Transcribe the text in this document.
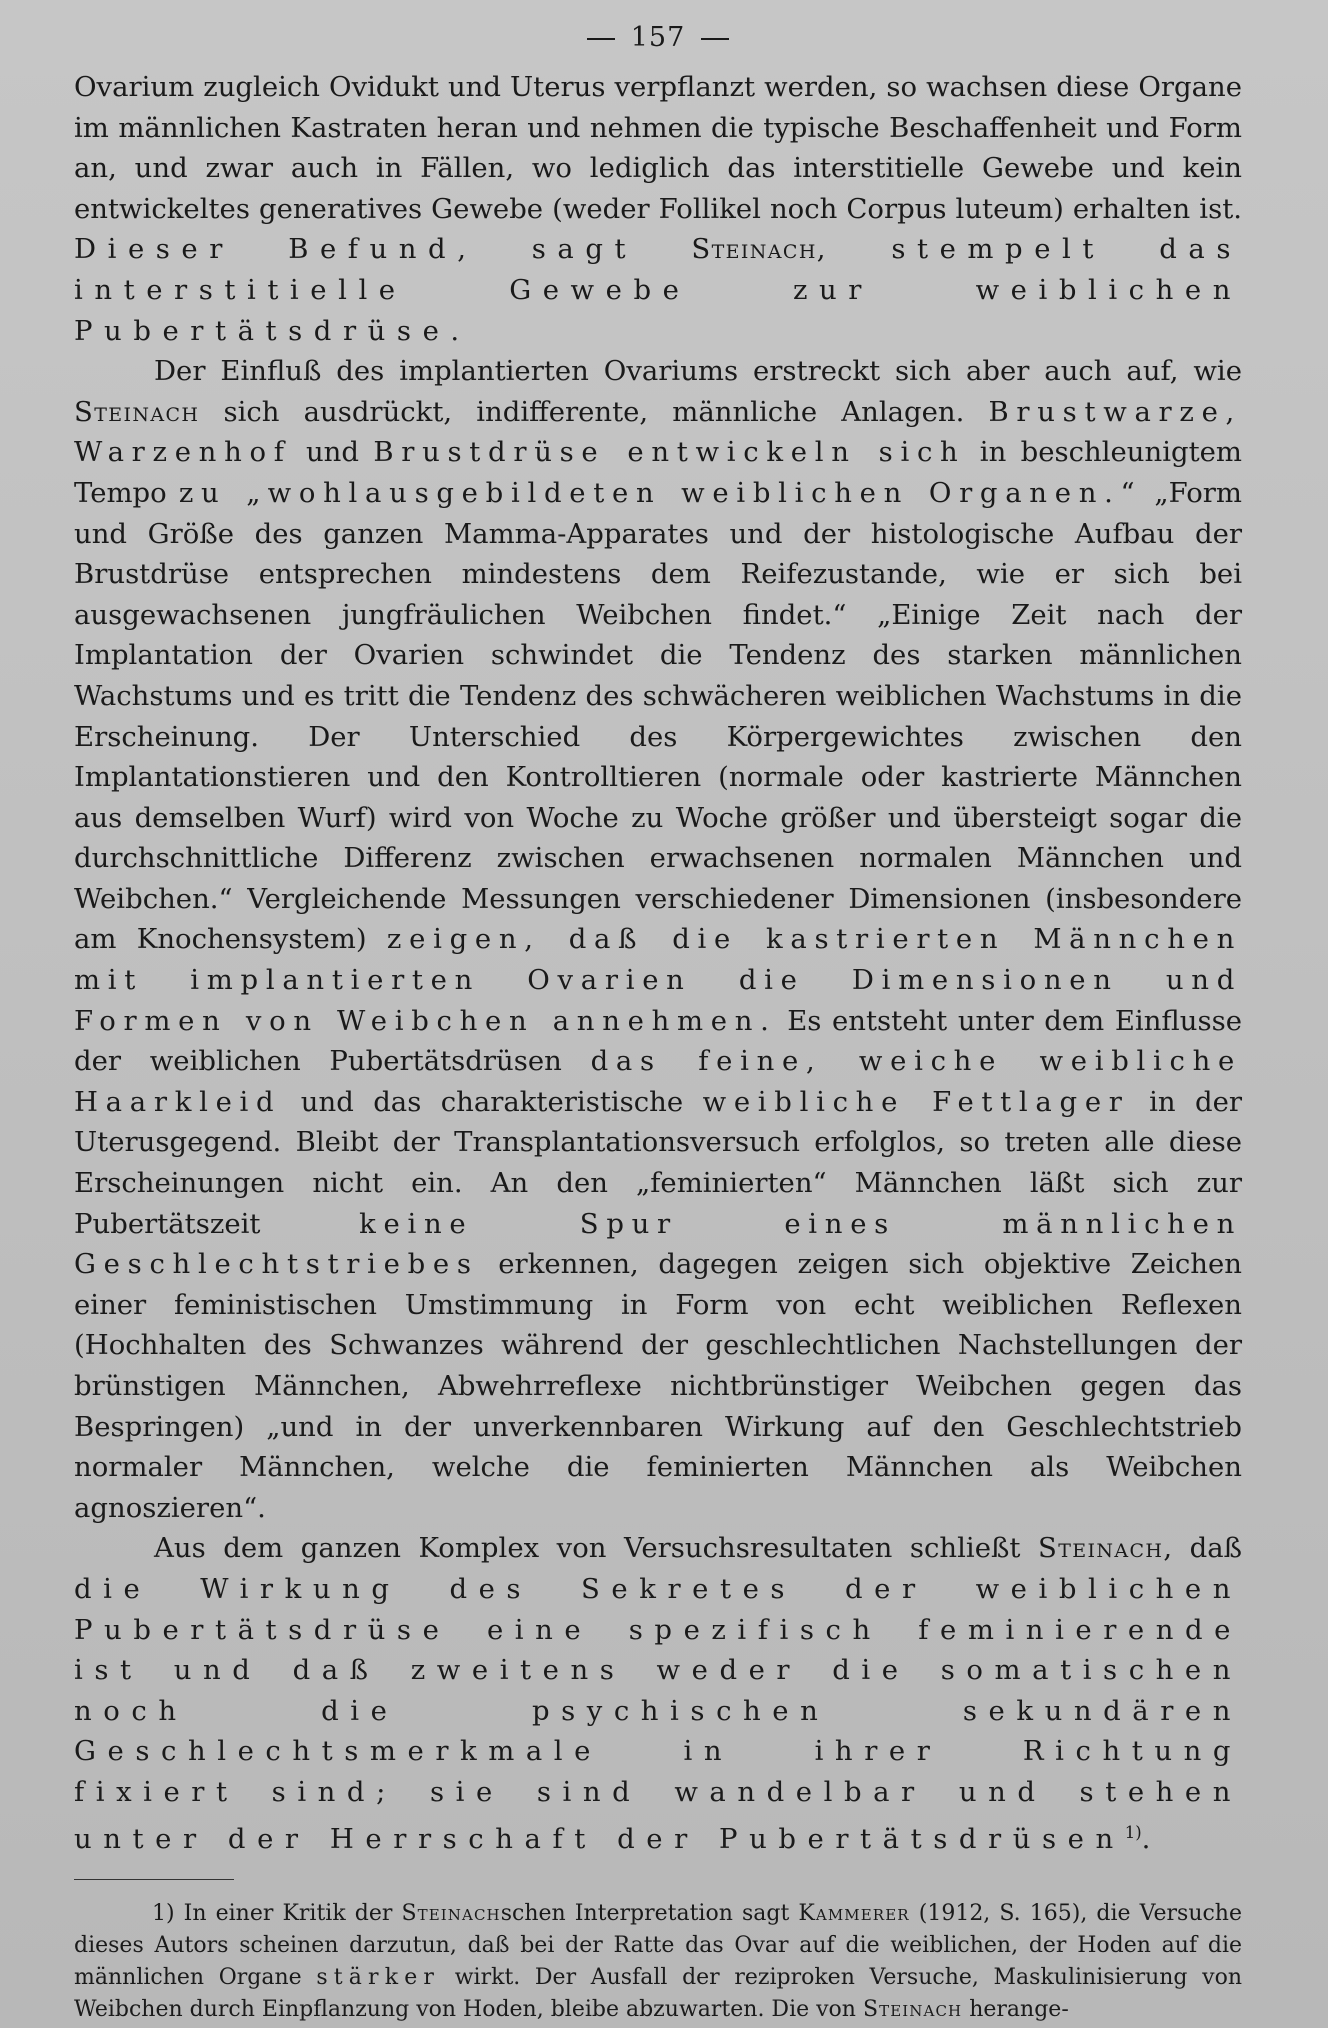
157

Ovarium zugleich Ovidukt und Uterus verpflanzt werden, so wachsen diese Organe im männlichen Kastraten heran und nehmen die typische Beschaffenheit und Form an, und zwar auch in Fällen, wo lediglich das interstitielle Gewebe und kein entwickeltes generatives Gewebe (weder Follikel noch Corpus luteum) erhalten ist. Dieser Befund, sagt Steinach, stempelt das interstitielle Gewebe zur weiblichen Pubertätsdrüse.

Der Einfluß des implantierten Ovariums erstreckt sich aber auch auf, wie Steinach sich ausdrückt, indifferente, männliche Anlagen. Brustwarze, Warzenhof und Brustdrüse entwickeln sich in beschleunigtem Tempo zu „wohlausgebildeten weiblichen Organen.“ „Form und Größe des ganzen Mamma-Apparates und der histologische Aufbau der Brustdrüse entsprechen mindestens dem Reifezustande, wie er sich bei ausgewachsenen jungfräulichen Weibchen findet.“ „Einige Zeit nach der Implantation der Ovarien schwindet die Tendenz des starken männlichen Wachstums und es tritt die Tendenz des schwächeren weiblichen Wachstums in die Erscheinung. Der Unterschied des Körpergewichtes zwischen den Implantationstieren und den Kontrolltieren (normale oder kastrierte Männchen aus demselben Wurf) wird von Woche zu Woche größer und übersteigt sogar die durchschnittliche Differenz zwischen erwachsenen normalen Männchen und Weibchen.“ Vergleichende Messungen verschiedener Dimensionen (insbesondere am Knochensystem) zeigen, daß die kastrierten Männchen mit implantierten Ovarien die Dimensionen und Formen von Weibchen annehmen. Es entsteht unter dem Einflusse der weiblichen Pubertätsdrüsen das feine, weiche weibliche Haarkleid und das charakteristische weibliche Fettlager in der Uterusgegend. Bleibt der Transplantationsversuch erfolglos, so treten alle diese Erscheinungen nicht ein. An den „feminierten“ Männchen läßt sich zur Pubertätszeit keine Spur eines männlichen Geschlechtstriebes erkennen, dagegen zeigen sich objektive Zeichen einer feministischen Umstimmung in Form von echt weiblichen Reflexen (Hochhalten des Schwanzes während der geschlechtlichen Nachstellungen der brünstigen Männchen, Abwehrreflexe nichtbrünstiger Weibchen gegen das Bespringen) „und in der unverkennbaren Wirkung auf den Geschlechtstrieb normaler Männchen, welche die feminierten Männchen als Weibchen agnoszieren“.

Aus dem ganzen Komplex von Versuchsresultaten schließt Steinach, daß die Wirkung des Sekretes der weiblichen Pubertätsdrüse eine spezifisch feminierende ist und daß zweitens weder die somatischen noch die psychischen sekundären Geschlechtsmerkmale in ihrer Richtung fixiert sind; sie sind wandelbar und stehen unter der Herrschaft der Pubertätsdrüsen$^{1)}$.

1) In einer Kritik der Steinachschen Interpretation sagt Kammerer (1912, S. 165), die Versuche dieses Autors scheinen darzutun, daß bei der Ratte das Ovar auf die weiblichen, der Hoden auf die männlichen Organe stärker wirkt. Der Ausfall der reziproken Versuche, Maskulinisierung von Weibchen durch Einpflanzung von Hoden, bleibe abzuwarten. Die von Steinach herange-
